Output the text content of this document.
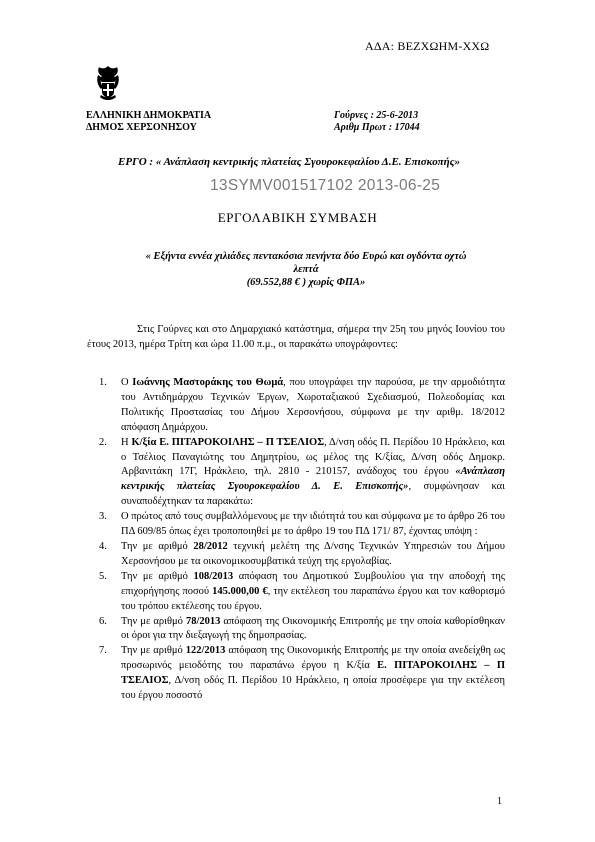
ΑΔΑ: ΒΕΖΧΩΗΜ-ΧΧΩ
ΕΛΛΗΝΙΚΗ ΔΗΜΟΚΡΑΤΙΑ
ΔΗΜΟΣ ΧΕΡΣΟΝΗΣΟΥ
Γούρνες : 25-6-2013
Αριθμ Πρωτ : 17044
ΕΡΓΟ : « Ανάπλαση κεντρικής πλατείας Σγουροκεφαλίου Δ.Ε. Επισκοπής»
13SYMV001517102 2013-06-25
ΕΡΓΟΛΑΒΙΚΗ ΣΥΜΒΑΣΗ
« Εξήντα εννέα χιλιάδες πεντακόσια πενήντα δύο Ευρώ και ογδόντα οχτώ
λεπτά
(69.552,88 € ) χωρίς ΦΠΑ»
Στις Γούρνες και στο Δημαρχιακό κατάστημα, σήμερα την 25η του μηνός Ιουνίου του έτους 2013, ημέρα Τρίτη και ώρα 11.00 π.μ., οι παρακάτω υπογράφοντες:
1. Ο Ιωάννης Μαστοράκης του Θωμά, που υπογράφει την παρούσα, με την αρμοδιότητα του Αντιδημάρχου Τεχνικών Έργων, Χωροταξιακού Σχεδιασμού, Πολεοδομίας και Πολιτικής Προστασίας του Δήμου Χερσονήσου, σύμφωνα με την αριθμ. 18/2012 απόφαση Δημάρχου.
2. Η Κ/ξία Ε. ΠΙΤΑΡΟΚΟΙΛΗΣ – Π ΤΣΕΛΙΟΣ, Δ/νση οδός Π. Περίδου 10 Ηράκλειο, και ο Τσέλιος Παναγιώτης του Δημητρίου, ως μέλος της Κ/ξίας, Δ/νση οδός Δημοκρ. Αρβανιτάκη 17Γ, Ηράκλειο, τηλ. 2810 - 210157, ανάδοχος του έργου «Ανάπλαση κεντρικής πλατείας Σγουροκεφαλίου Δ. Ε. Επισκοπής», συμφώνησαν και συναποδέχτηκαν τα παρακάτω:
3. Ο πρώτος από τους συμβαλλόμενους με την ιδιότητά του και σύμφωνα με το άρθρο 26 του ΠΔ 609/85 όπως έχει τροποποιηθεί με το άρθρο 19 του ΠΔ 171/ 87, έχοντας υπόψη :
4. Την με αριθμό 28/2012 τεχνική μελέτη της Δ/νσης Τεχνικών Υπηρεσιών του Δήμου Χερσονήσου με τα οικονομικοσυμβατικά τεύχη της εργολαβίας.
5. Την με αριθμό 108/2013 απόφαση του Δημοτικού Συμβουλίου για την αποδοχή της επιχορήγησης ποσού 145.000,00 €, την εκτέλεση του παραπάνω έργου και τον καθορισμό του τρόπου εκτέλεσης του έργου.
6. Την με αριθμό 78/2013 απόφαση της Οικονομικής Επιτροπής με την οποία καθορίσθηκαν οι όροι για την διεξαγωγή της δημοπρασίας.
7. Την με αριθμό 122/2013 απόφαση της Οικονομικής Επιτροπής με την οποία ανεδείχθη ως προσωρινός μειοδότης του παραπάνω έργου η Κ/ξία Ε. ΠΙΤΑΡΟΚΟΙΛΗΣ – Π ΤΣΕΛΙΟΣ, Δ/νση οδός Π. Περίδου 10 Ηράκλειο, η οποία προσέφερε για την εκτέλεση του έργου ποσοστό
1
